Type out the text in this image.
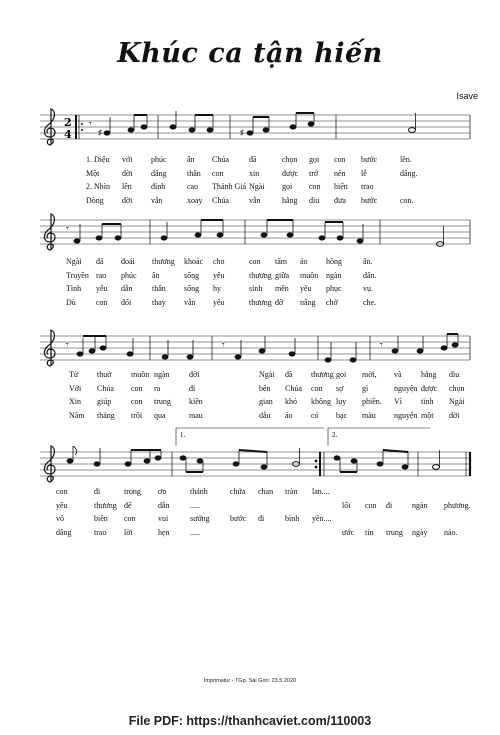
Khúc ca tận hiến
Isave
2
4
𝄾
♯	♯
𝄾
𝄾	𝄾	𝄾
1.	2.
1. Diệu với phúc	ân Chúa	đã	chọn gọi con bước	lên.
Một	đời dâng	thân con	xin	được trở nên lễ	dâng.
2. Nhìn lên đỉnh	cao Thánh Giá Ngài gọi con hiến trao
Dòng đời vẫn	xoay Chúa	vẫn	hằng dìu đưa bước	con.
Ngài đã đoái thương khoác cho	con tấm áo hồng	ân.
Truyền rao phúc ân	sống yêu	thương giữa muôn ngàn	dân.
Tình yêu dẫn thân sống hy	sinh mến yêu phục	vụ.
Dù	con đổi	thay vẫn yêu	thương đỡ nâng chở	che.
Từ thuở muôn ngàn đời	Ngài đã thương gọi mời, và hằng dìu
Với Chúa con ra	đi	bên Chúa con sợ gì	nguyện được chọn
Xin giúp con trung kiên	gian khó không lụy phiền. Vì tình Ngài
Năm tháng trôi qua	mau	dẫu áo có bạc màu nguyện một đời
con	đi	trong ơn	thánh	chứa chan tràn lan....
yêu	thương để	dẫn	.....	lối con đi ngàn phương.
vô	biên con	vui	sướng	bước đi	bình yên....
dâng	trao lời	hẹn	.....	ước tín trung ngày nào.
Imprimatur - TGp. Sài Gòn: 23.5.2020
File PDF: https://thanhcaviet.com/110003
